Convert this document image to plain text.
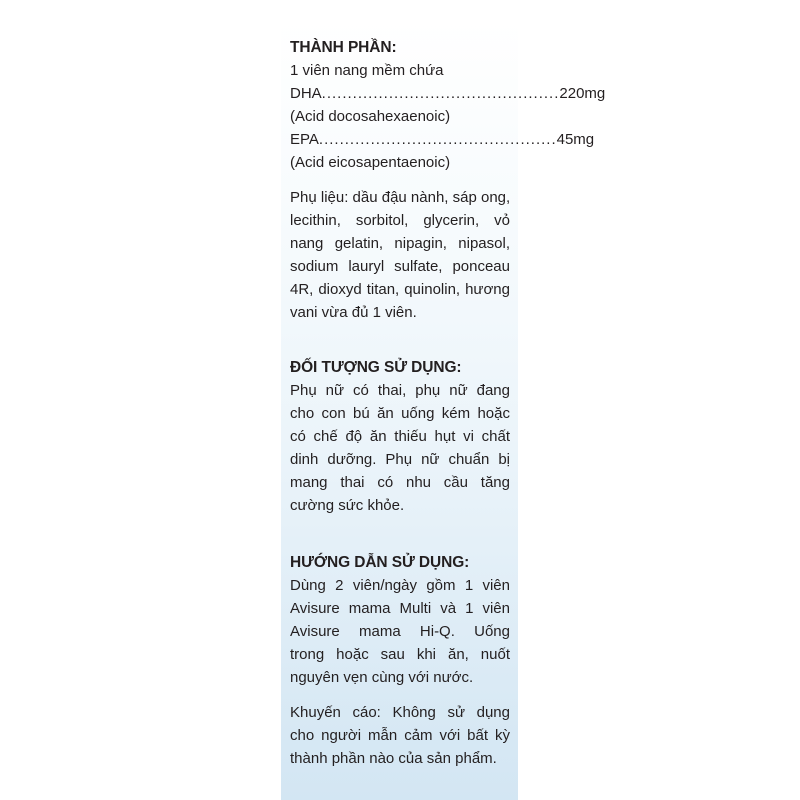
THÀNH PHẦN:

1 viên nang mềm chứa

DHA .............................................. 220mg

(Acid docosahexaenoic)

EPA .............................................. 45mg

(Acid eicosapentaenoic)

Phụ liệu: dầu đậu nành, sáp ong,

lecithin, sorbitol, glycerin, vỏ

nang gelatin, nipagin, nipasol,

sodium lauryl sulfate, ponceau

4R, dioxyd titan, quinolin, hương

vani vừa đủ 1 viên.

ĐỐI TƯỢNG SỬ DỤNG:

Phụ nữ có thai, phụ nữ đang

cho con bú ăn uống kém hoặc

có chế độ ăn thiếu hụt vi chất

dinh dưỡng. Phụ nữ chuẩn bị

mang thai có nhu cầu tăng

cường sức khỏe.

HƯỚNG DẪN SỬ DỤNG:

Dùng 2 viên/ngày gồm 1 viên

Avisure mama Multi và 1 viên

Avisure mama Hi-Q. Uống

trong hoặc sau khi ăn, nuốt

nguyên vẹn cùng với nước.

Khuyến cáo: Không sử dụng

cho người mẫn cảm với bất kỳ

thành phần nào của sản phẩm.
